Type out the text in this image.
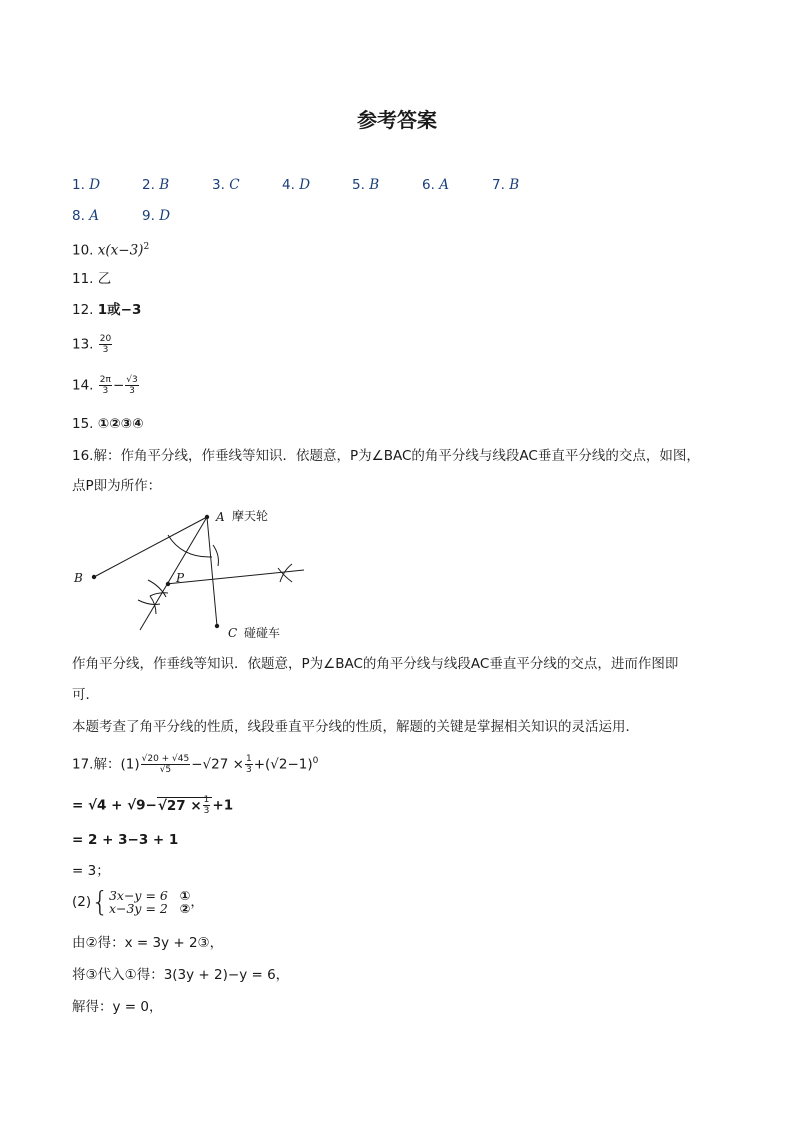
参考答案
1. D	2. B	3. C	4. D	5. B	6. A	7. B
8. A	9. D
10. $x(x-3)^2$
11. 乙
12. 1或−3
13. $\frac{20}{3}$
14. $\frac{2\pi}{3} - \frac{√3}{3}$
15. ①②③④
16.解：作角平分线，作垂线等知识．依题意，P为∠BAC的角平分线与线段AC垂直平分线的交点，如图，
点P即为所作：
A 摩天轮
B	P
C 碰碰车
作角平分线，作垂线等知识．依题意，P为∠BAC的角平分线与线段AC垂直平分线的交点，进而作图即
可．
本题考查了角平分线的性质，线段垂直平分线的性质，解题的关键是掌握相关知识的灵活运用．
17.解：$(1) \frac{√20 + √45}{√5} -√27 \times \frac{1}{3} +(√2-1)^0$
= $√4 + √9-√27 \times \frac{1}{3} +1$
= 2 + 3−3 + 1
= 3；
(2){ 3x−y = 6 ①
x−3y = 2 ② ，
由②得：x = 3y + 2③，
将③代入①得：3(3y + 2)−y = 6，
解得：y = 0，
